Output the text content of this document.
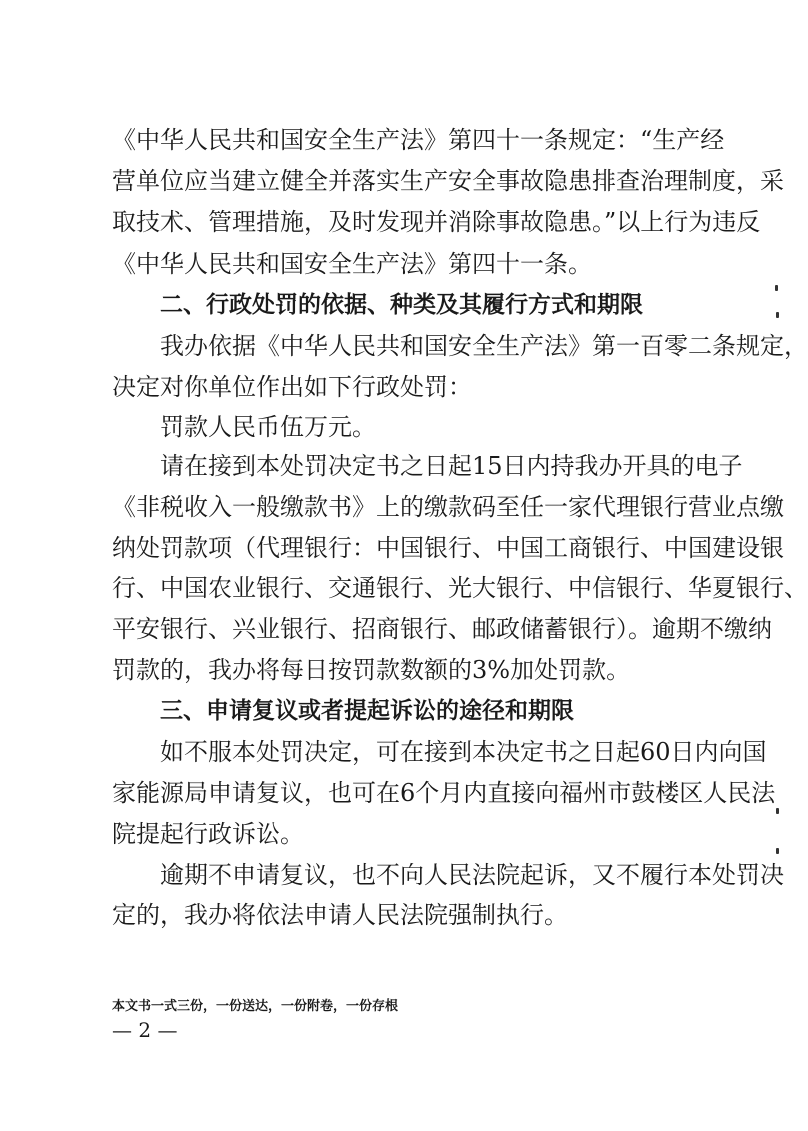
《中华人民共和国安全生产法》第四十一条规定：“生产经
营单位应当建立健全并落实生产安全事故隐患排查治理制度，采
取技术、管理措施，及时发现并消除事故隐患。”以上行为违反
《中华人民共和国安全生产法》第四十一条。
二、行政处罚的依据、种类及其履行方式和期限
我办依据《中华人民共和国安全生产法》第一百零二条规定，
决定对你单位作出如下行政处罚：
罚款人民币伍万元。
请在接到本处罚决定书之日起15日内持我办开具的电子
《非税收入一般缴款书》上的缴款码至任一家代理银行营业点缴
纳处罚款项（代理银行：中国银行、中国工商银行、中国建设银
行、中国农业银行、交通银行、光大银行、中信银行、华夏银行、
平安银行、兴业银行、招商银行、邮政储蓄银行）。逾期不缴纳
罚款的，我办将每日按罚款数额的3%加处罚款。
三、申请复议或者提起诉讼的途径和期限
如不服本处罚决定，可在接到本决定书之日起60日内向国
家能源局申请复议，也可在6个月内直接向福州市鼓楼区人民法
院提起行政诉讼。
逾期不申请复议，也不向人民法院起诉，又不履行本处罚决
定的，我办将依法申请人民法院强制执行。
本文书一式三份，一份送达，一份附卷，一份存根
— 2 —
